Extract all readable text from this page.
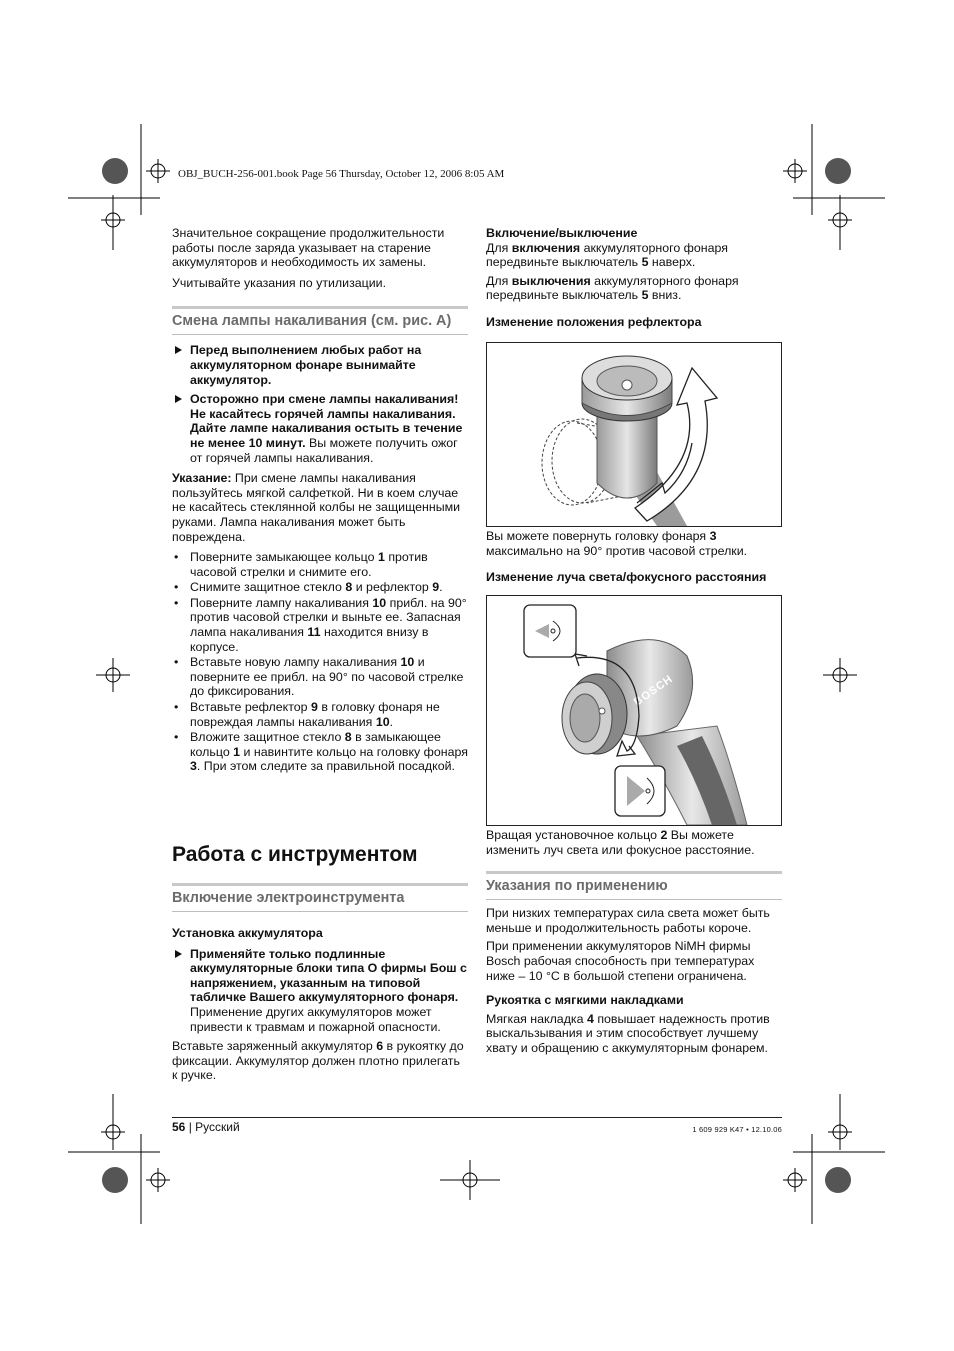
OBJ_BUCH-256-001.book Page 56 Thursday, October 12, 2006 8:05 AM

Значительное сокращение продолжительности работы после заряда указывает на старение аккумуляторов и необходимость их замены.

Учитывайте указания по утилизации.

Смена лампы накаливания (см. рис. A)
Перед выполнением любых работ на аккумуляторном фонаре вынимайте аккумулятор.
Осторожно при смене лампы накаливания! Не касайтесь горячей лампы накаливания. Дайте лампе накаливания остыть в течение не менее 10 минут. Вы можете получить ожог от горячей лампы накаливания.

Указание: При смене лампы накаливания пользуйтесь мягкой салфеткой. Ни в коем случае не касайтесь стеклянной колбы не защищенными руками. Лампа накаливания может быть повреждена.

• Поверните замыкающее кольцо 1 против часовой стрелки и снимите его.
• Снимите защитное стекло 8 и рефлектор 9.
• Поверните лампу накаливания 10 прибл. на 90° против часовой стрелки и выньте ее. Запасная лампа накаливания 11 находится внизу в корпусе.
• Вставьте новую лампу накаливания 10 и поверните ее прибл. на 90° по часовой стрелке до фиксирования.
• Вставьте рефлектор 9 в головку фонаря не повреждая лампы накаливания 10.
• Вложите защитное стекло 8 в замыкающее кольцо 1 и навинтите кольцо на головку фонаря 3. При этом следите за правильной посадкой.
Работа с инструментом
Включение электроинструмента

Установка аккумулятора

Применяйте только подлинные аккумуляторные блоки типа O фирмы Бош с напряжением, указанным на типовой табличке Вашего аккумуляторного фонаря. Применение других аккумуляторов может привести к травмам и пожарной опасности.

Вставьте заряженный аккумулятор 6 в рукоятку до фиксации. Аккумулятор должен плотно прилегать к ручке.

Включение/выключение

Для включения аккумуляторного фонаря передвиньте выключатель 5 наверх.

Для выключения аккумуляторного фонаря передвиньте выключатель 5 вниз.

Изменение положения рефлектора

Вы можете повернуть головку фонаря 3 максимально на 90° против часовой стрелки.

Изменение луча света/фокусного расстояния

BOSCH

Вращая установочное кольцо 2 Вы можете изменить луч света или фокусное расстояние.

Указания по применению

При низких температурах сила света может быть меньше и продолжительность работы короче.

При применении аккумуляторов NiMH фирмы Bosch рабочая способность при температурах ниже – 10 °C в большой степени ограничена.

Рукоятка с мягкими накладками

Мягкая накладка 4 повышает надежность против выскальзывания и этим способствует лучшему хвату и обращению с аккумуляторным фонарем.

56 | Русский	1 609 929 K47 • 12.10.06
